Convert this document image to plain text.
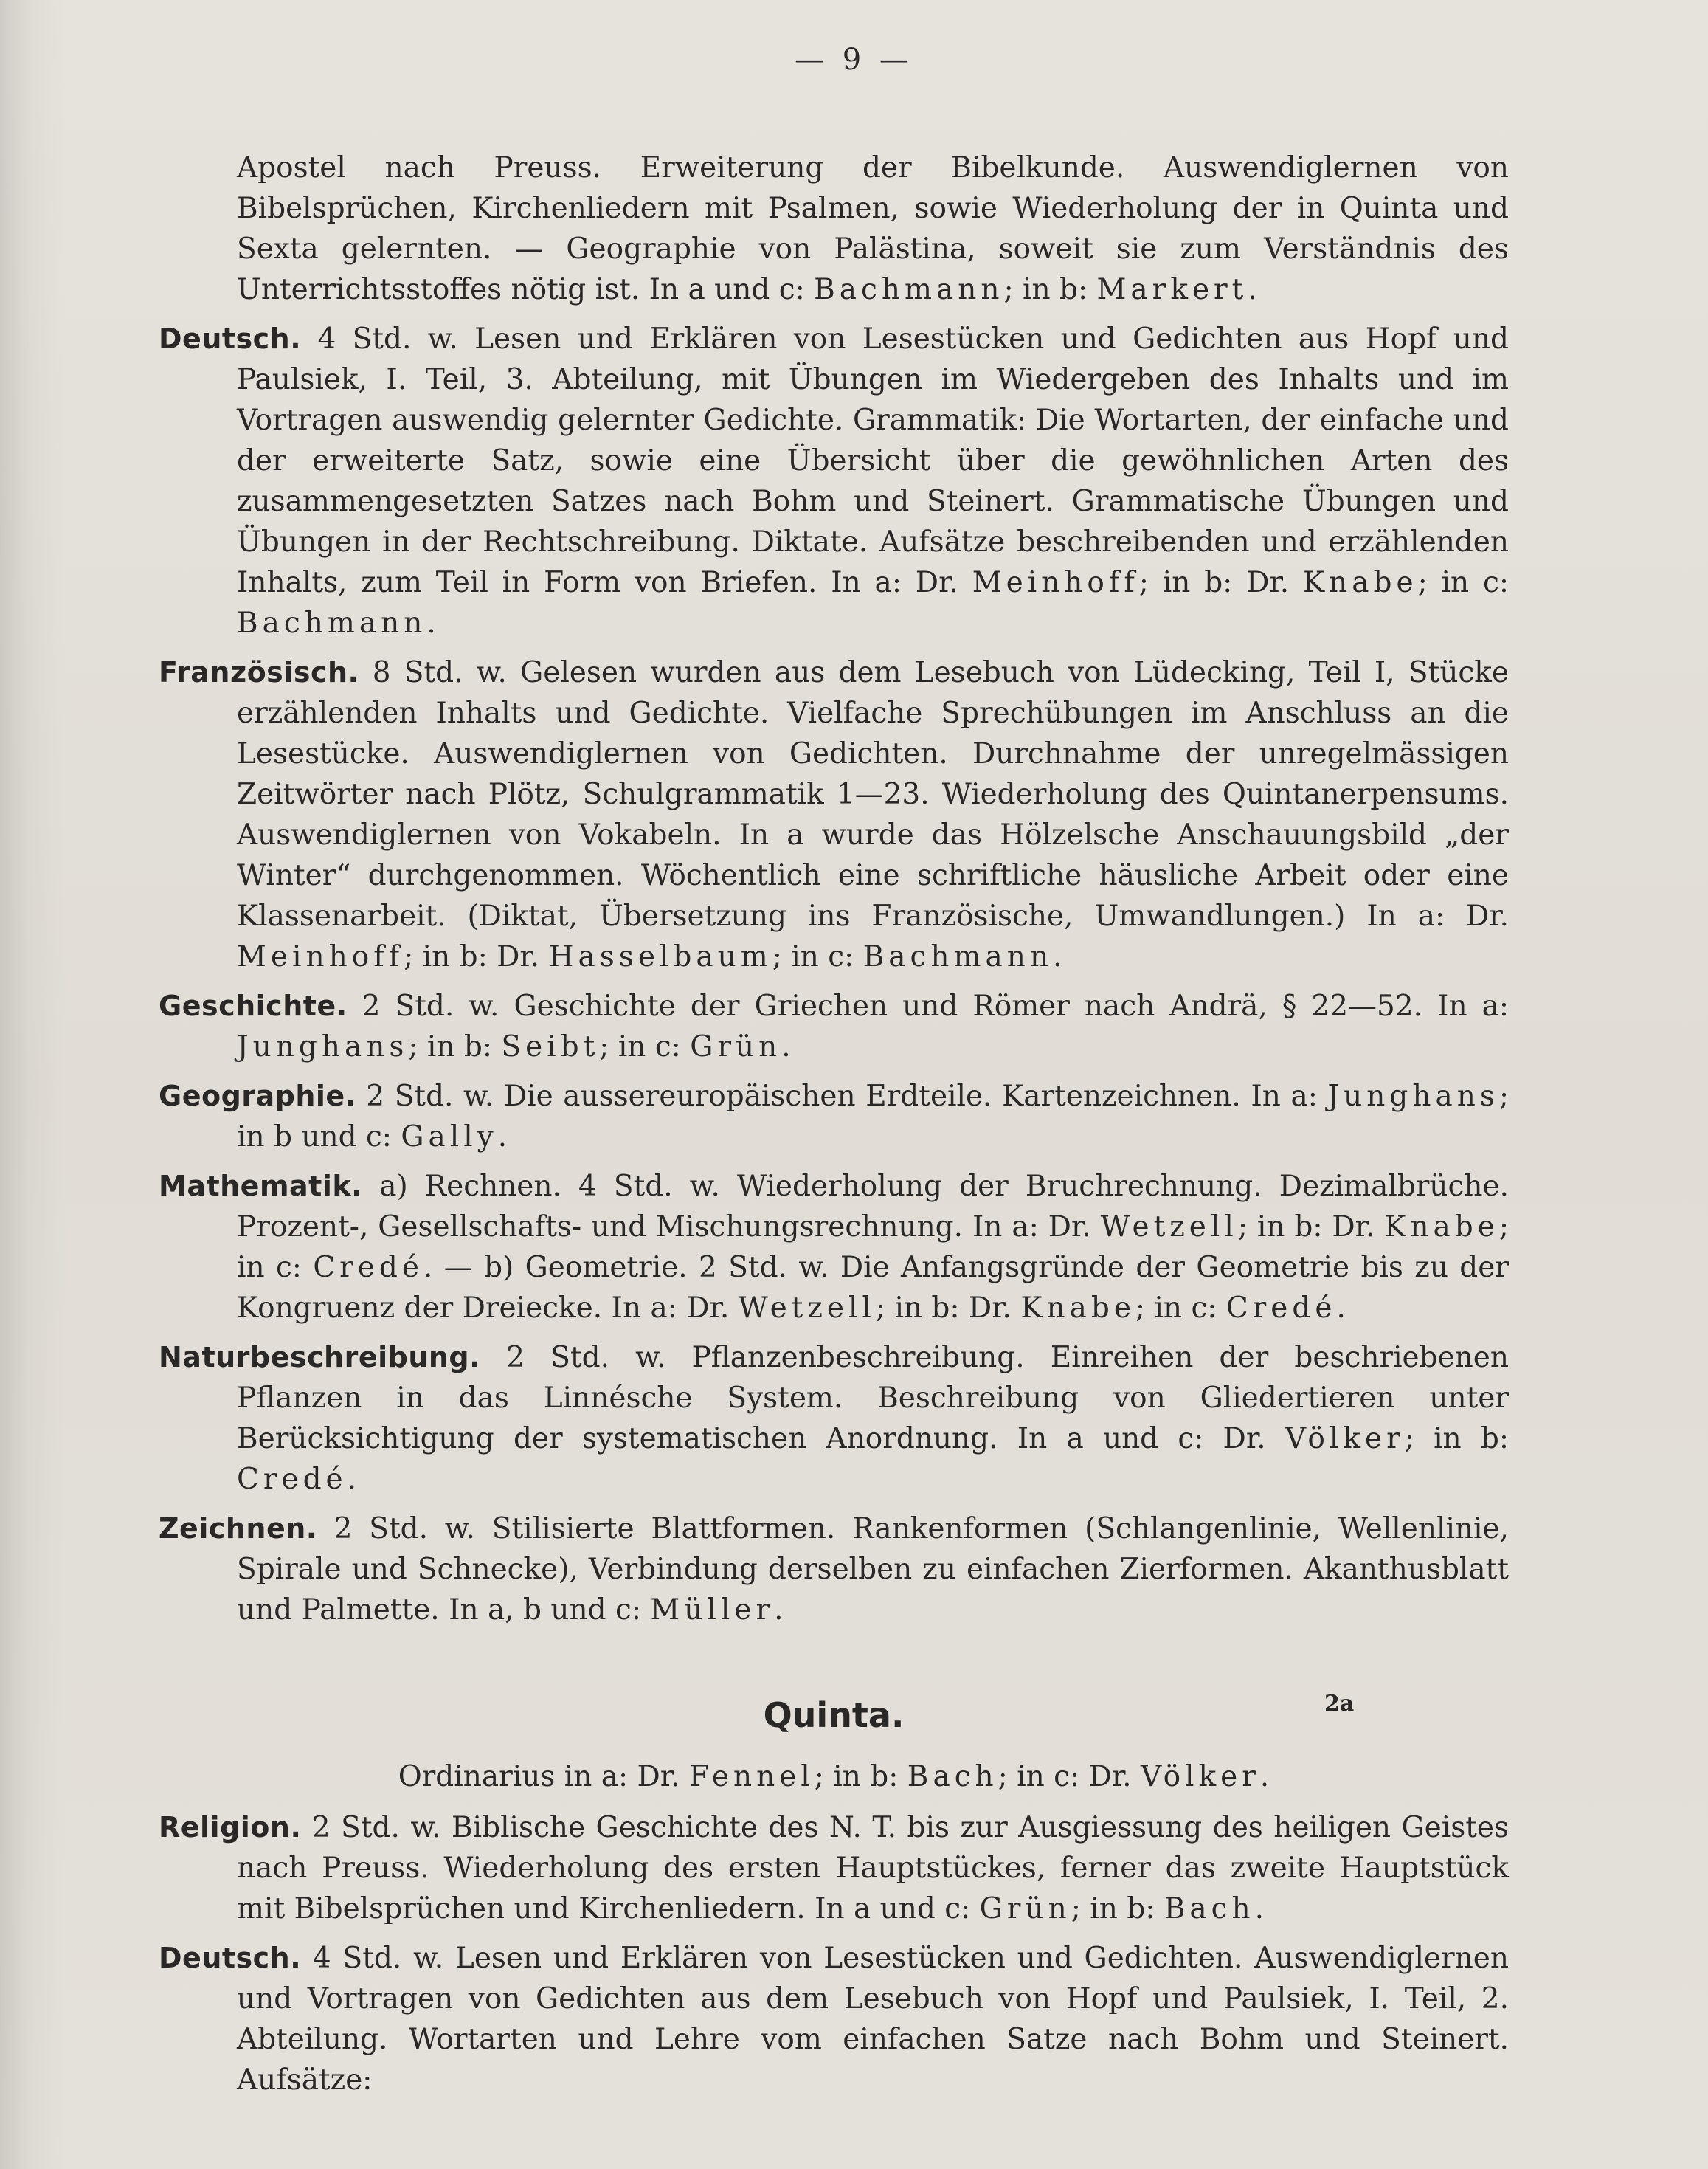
— 9 —

Apostel nach Preuss. Erweiterung der Bibelkunde. Auswendiglernen von Bibelsprüchen, Kirchenliedern mit Psalmen, sowie Wiederholung der in Quinta und Sexta gelernten. — Geographie von Palästina, soweit sie zum Verständnis des Unterrichtsstoffes nötig ist. In a und c: Bachmann; in b: Markert.

Deutsch. 4 Std. w. Lesen und Erklären von Lesestücken und Gedichten aus Hopf und Paulsiek, I. Teil, 3. Abteilung, mit Übungen im Wiedergeben des Inhalts und im Vortragen auswendig gelernter Gedichte. Grammatik: Die Wortarten, der einfache und der erweiterte Satz, sowie eine Übersicht über die gewöhnlichen Arten des zusammengesetzten Satzes nach Bohm und Steinert. Grammatische Übungen und Übungen in der Rechtschreibung. Diktate. Aufsätze beschreibenden und erzählenden Inhalts, zum Teil in Form von Briefen. In a: Dr. Meinhoff; in b: Dr. Knabe; in c: Bachmann.

Französisch. 8 Std. w. Gelesen wurden aus dem Lesebuch von Lüdecking, Teil I, Stücke erzählenden Inhalts und Gedichte. Vielfache Sprechübungen im Anschluss an die Lesestücke. Auswendiglernen von Gedichten. Durchnahme der unregelmässigen Zeitwörter nach Plötz, Schulgrammatik 1—23. Wiederholung des Quintanerpensums. Auswendiglernen von Vokabeln. In a wurde das Hölzelsche Anschauungsbild „der Winter“ durchgenommen. Wöchentlich eine schriftliche häusliche Arbeit oder eine Klassenarbeit. (Diktat, Übersetzung ins Französische, Umwandlungen.) In a: Dr. Meinhoff; in b: Dr. Hasselbaum; in c: Bachmann.

Geschichte. 2 Std. w. Geschichte der Griechen und Römer nach Andrä, § 22—52. In a: Junghans; in b: Seibt; in c: Grün.

Geographie. 2 Std. w. Die aussereuropäischen Erdteile. Kartenzeichnen. In a: Junghans; in b und c: Gally.

Mathematik. a) Rechnen. 4 Std. w. Wiederholung der Bruchrechnung. Dezimalbrüche. Prozent-, Gesellschafts- und Mischungsrechnung. In a: Dr. Wetzell; in b: Dr. Knabe; in c: Credé. — b) Geometrie. 2 Std. w. Die Anfangsgründe der Geometrie bis zu der Kongruenz der Dreiecke. In a: Dr. Wetzell; in b: Dr. Knabe; in c: Credé.

Naturbeschreibung. 2 Std. w. Pflanzenbeschreibung. Einreihen der beschriebenen Pflanzen in das Linnésche System. Beschreibung von Gliedertieren unter Berücksichtigung der systematischen Anordnung. In a und c: Dr. Völker; in b: Credé.

Zeichnen. 2 Std. w. Stilisierte Blattformen. Rankenformen (Schlangenlinie, Wellenlinie, Spirale und Schnecke), Verbindung derselben zu einfachen Zierformen. Akanthusblatt und Palmette. In a, b und c: Müller.

Quinta.

Ordinarius in a: Dr. Fennel; in b: Bach; in c: Dr. Völker.

Religion. 2 Std. w. Biblische Geschichte des N. T. bis zur Ausgiessung des heiligen Geistes nach Preuss. Wiederholung des ersten Hauptstückes, ferner das zweite Hauptstück mit Bibelsprüchen und Kirchenliedern. In a und c: Grün; in b: Bach.

Deutsch. 4 Std. w. Lesen und Erklären von Lesestücken und Gedichten. Auswendiglernen und Vortragen von Gedichten aus dem Lesebuch von Hopf und Paulsiek, I. Teil, 2. Abteilung. Wortarten und Lehre vom einfachen Satze nach Bohm und Steinert. Aufsätze:

2a
